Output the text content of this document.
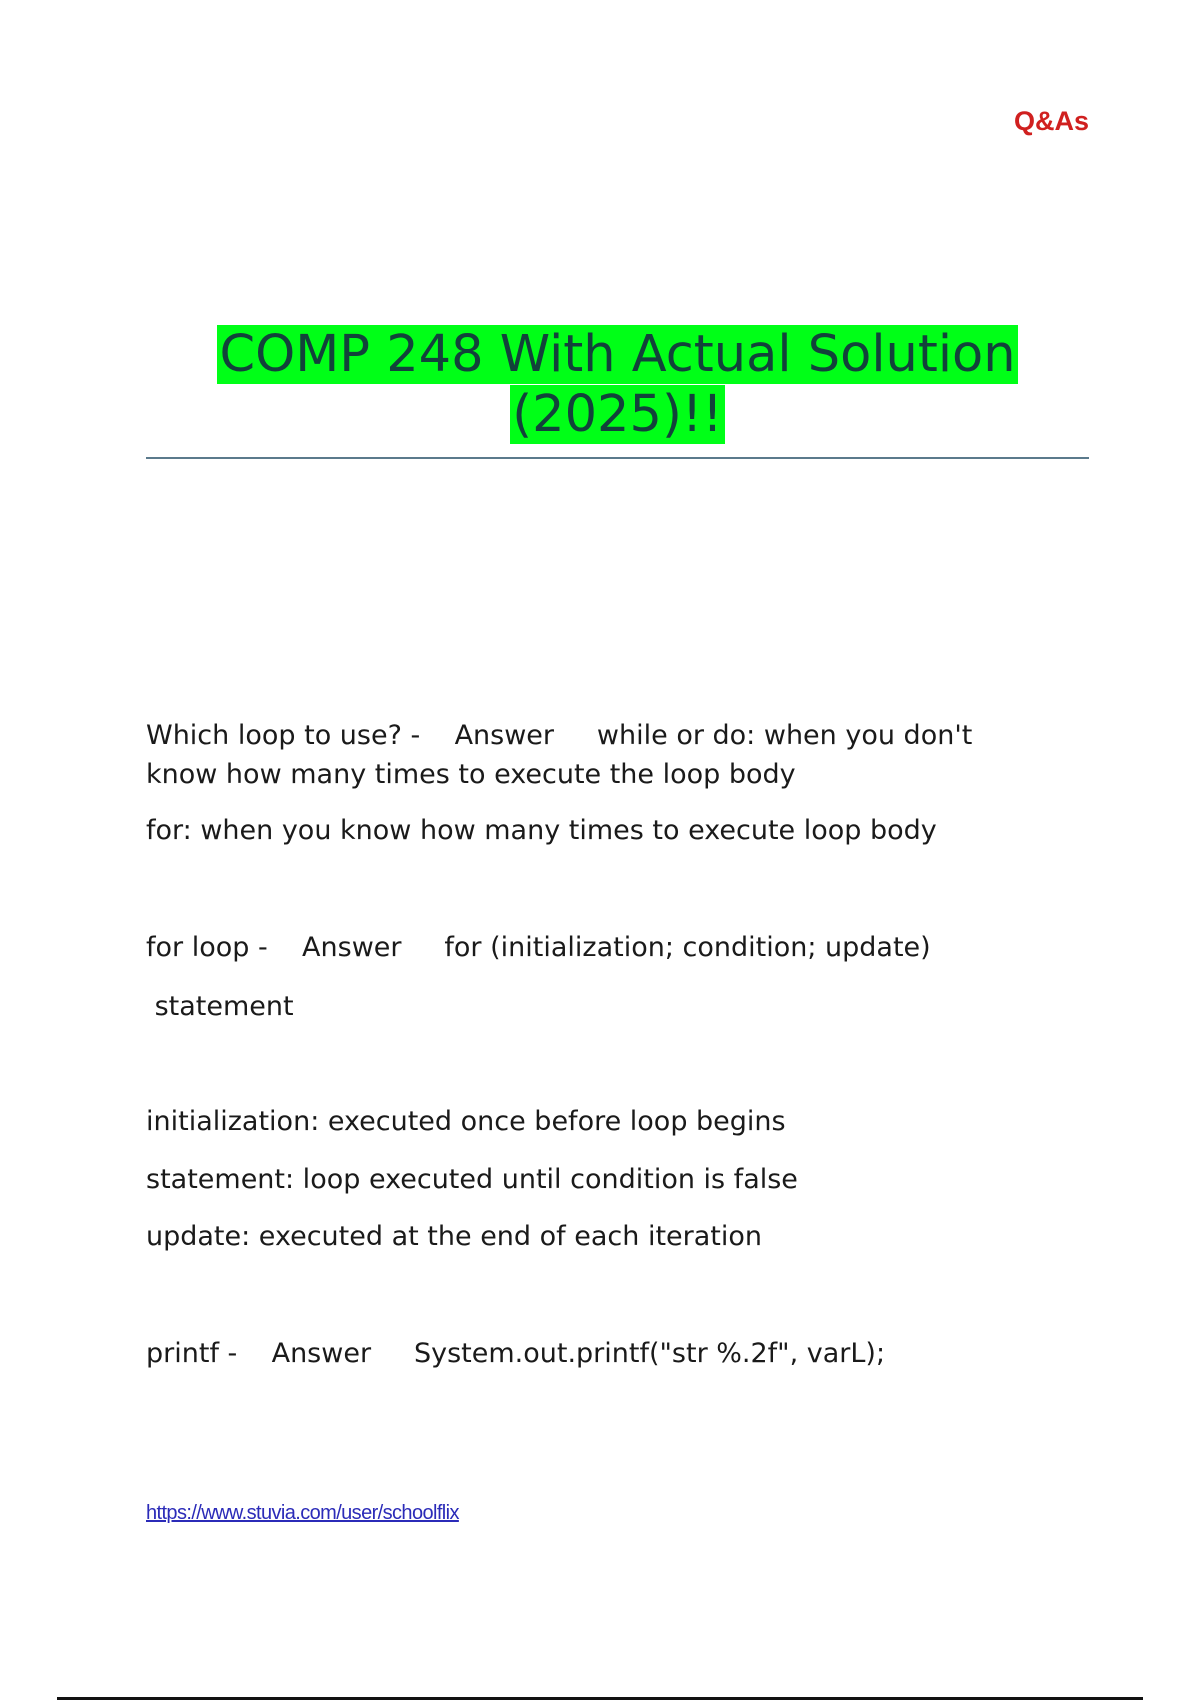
Q&As
COMP 248 With Actual Solution
(2025)!!
Which loop to use? -    Answer     while or do: when you don't
know how many times to execute the loop body
for: when you know how many times to execute loop body
for loop -    Answer     for (initialization; condition; update)
statement
initialization: executed once before loop begins
statement: loop executed until condition is false
update: executed at the end of each iteration
printf -    Answer     System.out.printf("str %.2f", varL);
https://www.stuvia.com/user/schoolflix
